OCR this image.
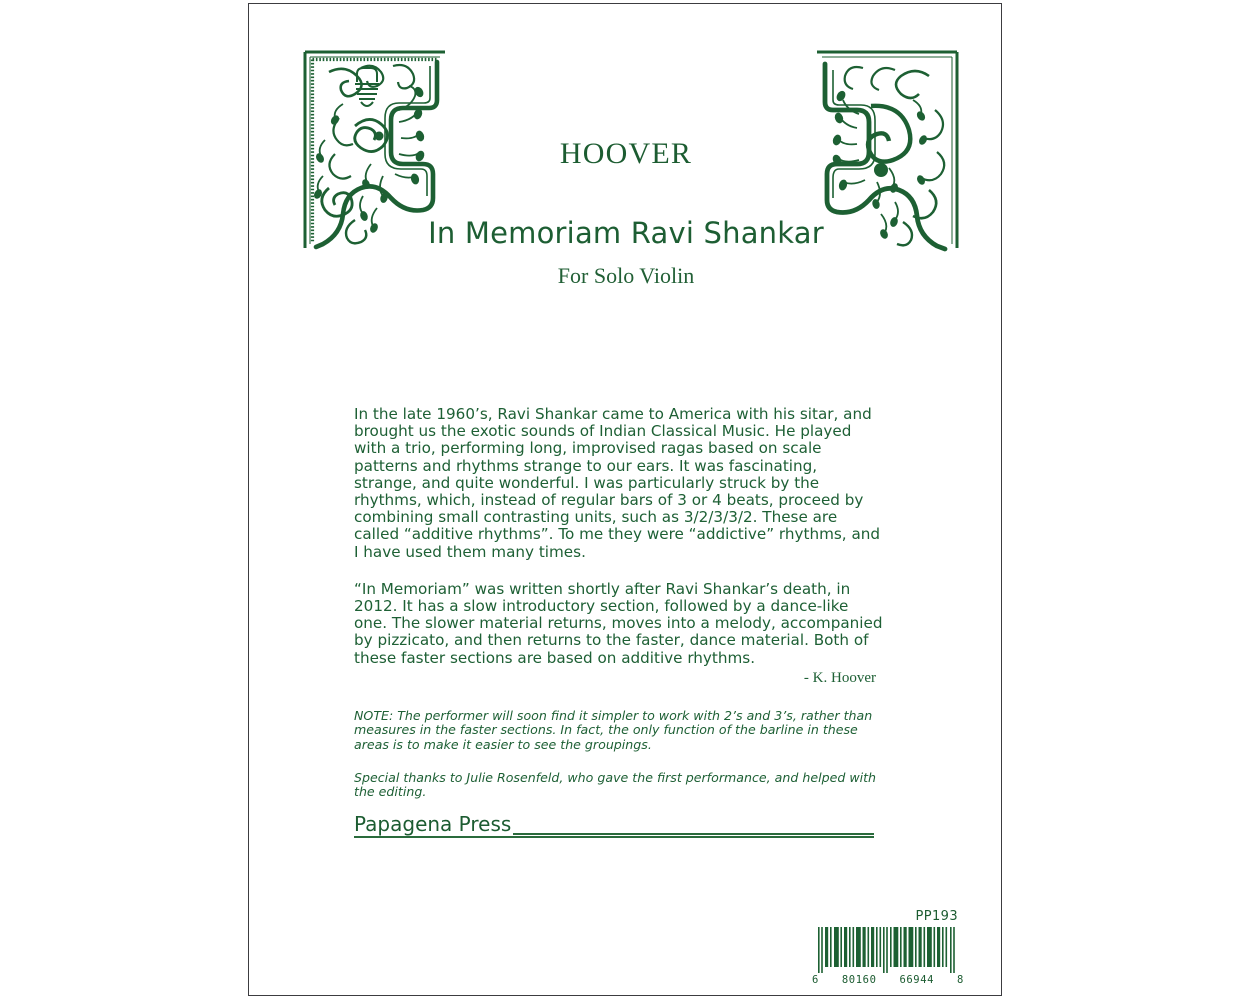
HOOVER
In Memoriam Ravi Shankar
For Solo Violin

In the late 1960’s, Ravi Shankar came to America with his sitar, and brought us the exotic sounds of Indian Classical Music. He played with a trio, performing long, improvised ragas based on scale patterns and rhythms strange to our ears. It was fascinating, strange, and quite wonderful. I was particularly struck by the rhythms, which, instead of regular bars of 3 or 4 beats, proceed by combining small contrasting units, such as 3/2/3/3/2. These are called “additive rhythms”. To me they were “addictive” rhythms, and I have used them many times.

“In Memoriam” was written shortly after Ravi Shankar’s death, in 2012. It has a slow introductory section, followed by a dance-like one. The slower material returns, moves into a melody, accompanied by pizzicato, and then returns to the faster, dance material. Both of these faster sections are based on additive rhythms.

- K. Hoover

NOTE: The performer will soon find it simpler to work with 2’s and 3’s, rather than measures in the faster sections. In fact, the only function of the barline in these areas is to make it easier to see the groupings.

Special thanks to Julie Rosenfeld, who gave the first performance, and helped with the editing.

Papagena Press
PP193
6 80160 66944 8
